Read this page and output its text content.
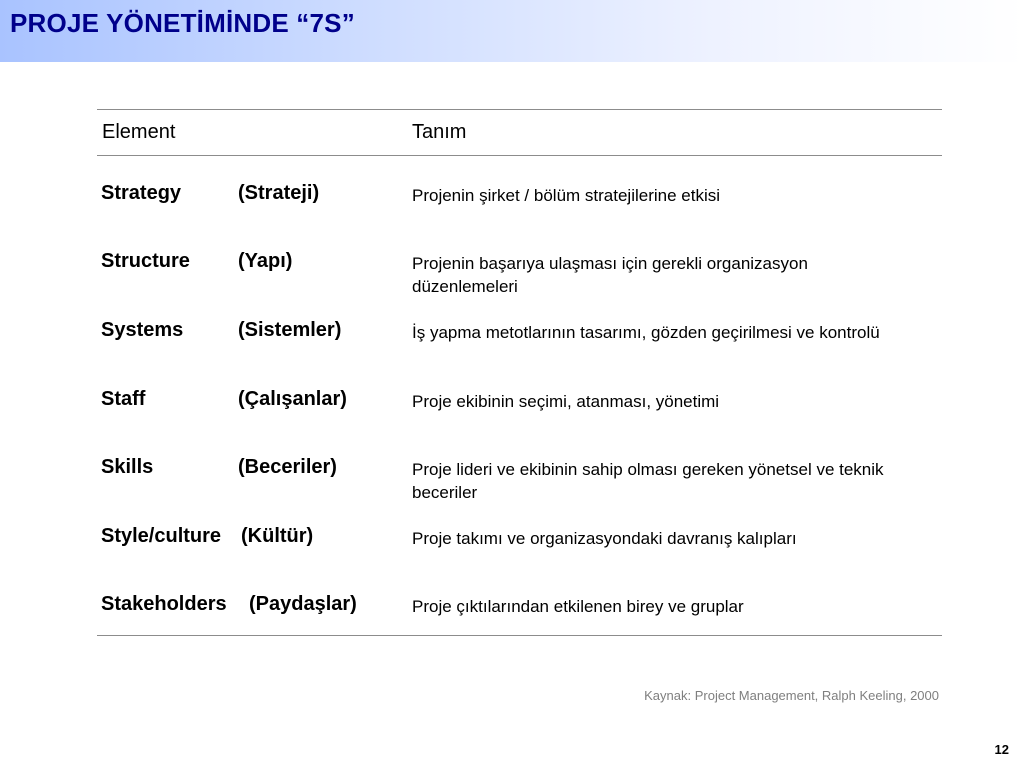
PROJE YÖNETİMİNDE “7S”
Element	Tanım
Strategy	(Strateji)	Projenin şirket / bölüm stratejilerine etkisi
Structure (Yapı)	Projenin başarıya ulaşması için gerekli organizasyon düzenlemeleri
Systems	(Sistemler)	İş yapma metotlarının tasarımı, gözden geçirilmesi ve kontrolü
Staff	(Çalışanlar)	Proje ekibinin seçimi, atanması, yönetimi
Skills	(Beceriler)	Proje lideri ve ekibinin sahip olması gereken yönetsel ve teknik beceriler
Style/culture (Kültür)	Proje takımı ve organizasyondaki davranış kalıpları
Stakeholders (Paydaşlar)	Proje çıktılarından etkilenen birey ve gruplar
Kaynak: Project Management, Ralph Keeling, 2000
12
